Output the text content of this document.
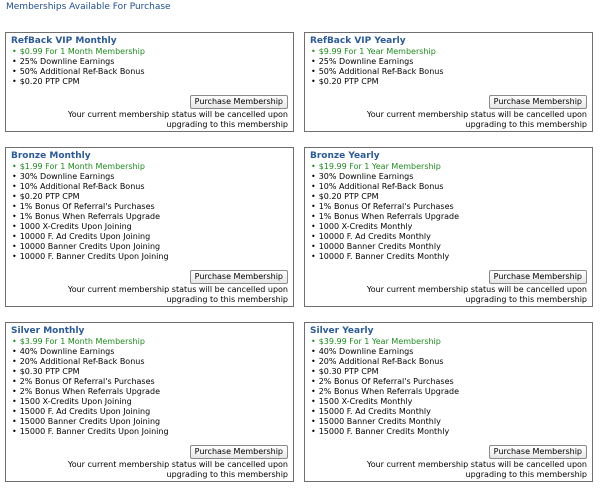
Memberships Available For Purchase
RefBack VIP Monthly
• $0.99 For 1 Month Membership
• 25% Downline Earnings
• 50% Additional Ref-Back Bonus
• $0.20 PTP CPM
Purchase Membership
Your current membership status will be cancelled upon upgrading to this membership
RefBack VIP Yearly
• $9.99 For 1 Year Membership
• 25% Downline Earnings
• 50% Additional Ref-Back Bonus
• $0.20 PTP CPM
Purchase Membership
Your current membership status will be cancelled upon upgrading to this membership
Bronze Monthly
• $1.99 For 1 Month Membership
• 30% Downline Earnings
• 10% Additional Ref-Back Bonus
• $0.20 PTP CPM
• 1% Bonus Of Referral's Purchases
• 1% Bonus When Referrals Upgrade
• 1000 X-Credits Upon Joining
• 10000 F. Ad Credits Upon Joining
• 10000 Banner Credits Upon Joining
• 10000 F. Banner Credits Upon Joining
Purchase Membership
Your current membership status will be cancelled upon upgrading to this membership
Bronze Yearly
• $19.99 For 1 Year Membership
• 30% Downline Earnings
• 10% Additional Ref-Back Bonus
• $0.20 PTP CPM
• 1% Bonus Of Referral's Purchases
• 1% Bonus When Referrals Upgrade
• 1000 X-Credits Monthly
• 10000 F. Ad Credits Monthly
• 10000 Banner Credits Monthly
• 10000 F. Banner Credits Monthly
Purchase Membership
Your current membership status will be cancelled upon upgrading to this membership
Silver Monthly
• $3.99 For 1 Month Membership
• 40% Downline Earnings
• 20% Additional Ref-Back Bonus
• $0.30 PTP CPM
• 2% Bonus Of Referral's Purchases
• 2% Bonus When Referrals Upgrade
• 1500 X-Credits Upon Joining
• 15000 F. Ad Credits Upon Joining
• 15000 Banner Credits Upon Joining
• 15000 F. Banner Credits Upon Joining
Purchase Membership
Your current membership status will be cancelled upon upgrading to this membership
Silver Yearly
• $39.99 For 1 Year Membership
• 40% Downline Earnings
• 20% Additional Ref-Back Bonus
• $0.30 PTP CPM
• 2% Bonus Of Referral's Purchases
• 2% Bonus When Referrals Upgrade
• 1500 X-Credits Monthly
• 15000 F. Ad Credits Monthly
• 15000 Banner Credits Monthly
• 15000 F. Banner Credits Monthly
Purchase Membership
Your current membership status will be cancelled upon upgrading to this membership
